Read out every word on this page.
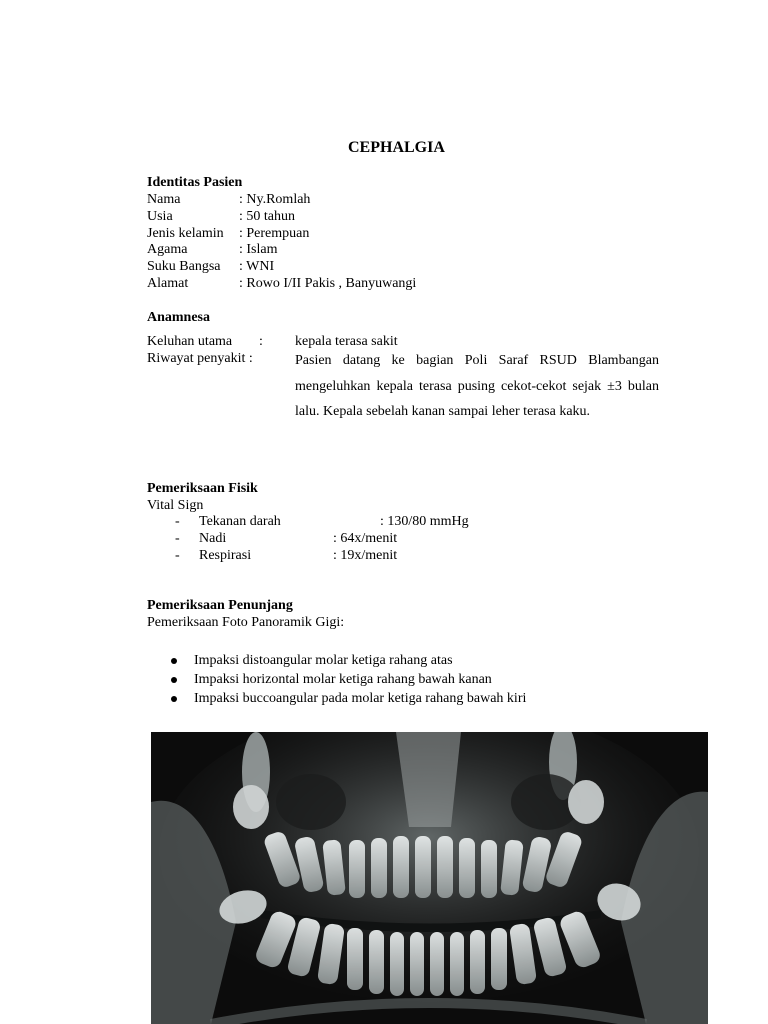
CEPHALGIA
Identitas Pasien
Nama	: Ny.Romlah
Usia	: 50 tahun
Jenis kelamin : Perempuan
Agama	: Islam
Suku Bangsa : WNI
Alamat	: Rowo I/II Pakis , Banyuwangi
Anamnesa
Keluhan utama : kepala terasa sakit
Riwayat penyakit :	Pasien datang ke bagian Poli Saraf RSUD Blambangan mengeluhkan kepala terasa pusing cekot-cekot sejak ±3 bulan lalu. Kepala sebelah kanan sampai leher terasa kaku.
Pemeriksaan Fisik
Vital Sign
- Tekanan darah	: 130/80 mmHg
- Nadi	: 64x/menit
- Respirasi	: 19x/menit
Pemeriksaan Penunjang
Pemeriksaan Foto Panoramik Gigi:
Impaksi distoangular molar ketiga rahang atas
Impaksi horizontal molar ketiga rahang bawah kanan
Impaksi buccoangular pada molar ketiga rahang bawah kiri
